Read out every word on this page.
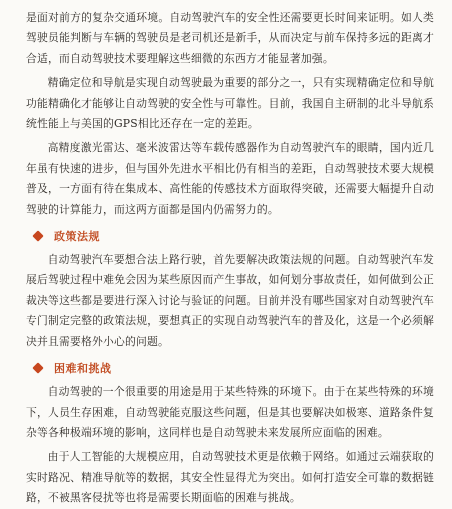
是面对前方的复杂交通环境。自动驾驶汽车的安全性还需要更长时间来证明。如人类驾驶员能判断与车辆的驾驶员是老司机还是新手，从而决定与前车保持多远的距离才合适，而自动驾驶技术要理解这些细微的东西方才能显著加强。

精确定位和导航是实现自动驾驶最为重要的部分之一，只有实现精确定位和导航功能精确化才能够让自动驾驶的安全性与可靠性。目前，我国自主研制的北斗导航系统性能上与美国的GPS相比还存在一定的差距。

高精度激光雷达、毫米波雷达等车载传感器作为自动驾驶汽车的眼睛，国内近几年虽有快速的进步，但与国外先进水平相比仍有相当的差距，自动驾驶技术要大规模普及，一方面有待在集成本、高性能的传感技术方面取得突破，还需要大幅提升自动驾驶的计算能力，而这两方面都是国内仍需努力的。

政策法规

自动驾驶汽车要想合法上路行驶，首先要解决政策法规的问题。自动驾驶汽车发展后驾驶过程中难免会因为某些原因而产生事故，如何划分事故责任，如何做到公正裁决等这些都是要进行深入讨论与验证的问题。目前并没有哪些国家对自动驾驶汽车专门制定完整的政策法规，要想真正的实现自动驾驶汽车的普及化，这是一个必须解决并且需要格外小心的问题。

困难和挑战

自动驾驶的一个很重要的用途是用于某些特殊的环境下。由于在某些特殊的环境下，人员生存困难，自动驾驶能克服这些问题，但是其也要解决如极寒、道路条件复杂等各种极端环境的影响，这同样也是自动驾驶未来发展所应面临的困难。

由于人工智能的大规模应用，自动驾驶技术更是依赖于网络。如通过云端获取的实时路况、精准导航等的数据，其安全性显得尤为突出。如何打造安全可靠的数据链路，不被黑客侵扰等也将是需要长期面临的困难与挑战。
